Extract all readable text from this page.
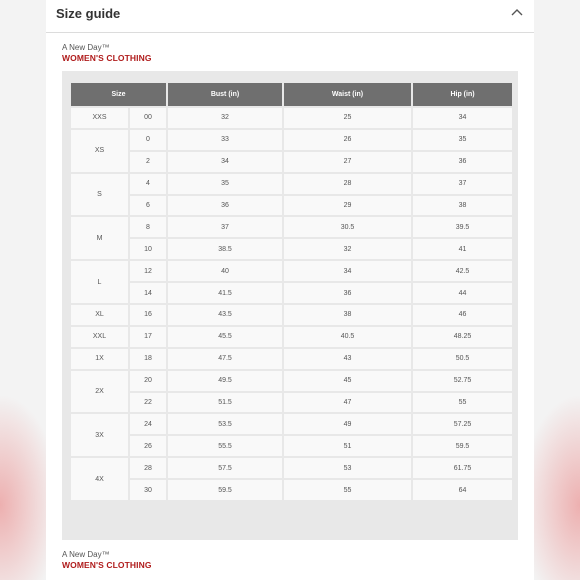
Size guide
A New Day™
WOMEN'S CLOTHING
Size		Bust (in)	Waist (in)	Hip (in)
XXS	00	32	25	34
XS	0	33	26	35
	2	34	27	36
S	4	35	28	37
	6	36	29	38
M	8	37	30.5	39.5
	10	38.5	32	41
L	12	40	34	42.5
	14	41.5	36	44
XL	16	43.5	38	46
XXL	17	45.5	40.5	48.25
1X	18	47.5	43	50.5
2X	20	49.5	45	52.75
	22	51.5	47	55
3X	24	53.5	49	57.25
	26	55.5	51	59.5
4X	28	57.5	53	61.75
	30	59.5	55	64
A New Day™
WOMEN'S CLOTHING
